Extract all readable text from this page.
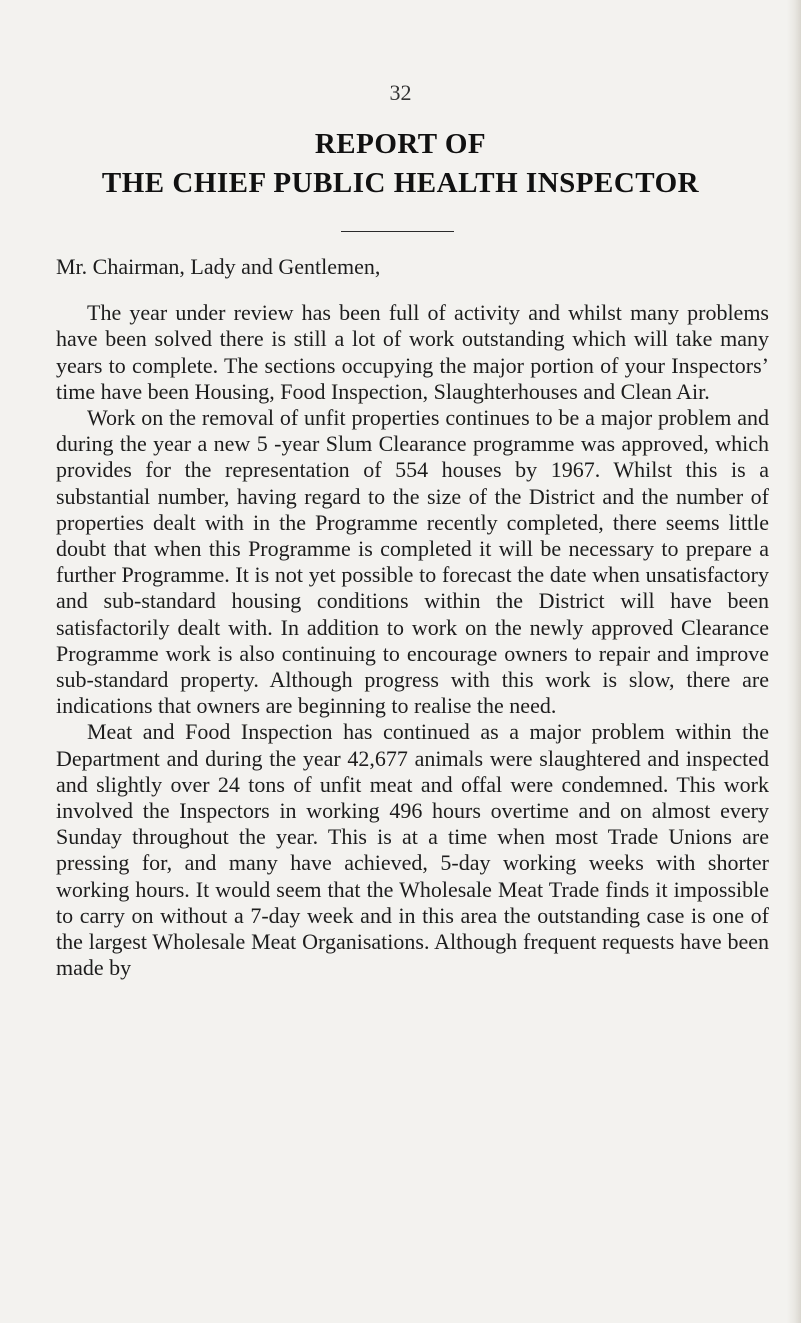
32
REPORT OF
THE CHIEF PUBLIC HEALTH INSPECTOR

Mr. Chairman, Lady and Gentlemen,

The year under review has been full of activity and whilst many problems have been solved there is still a lot of work outstanding which will take many years to complete. The sections occupying the major portion of your Inspectors’ time have been Housing, Food Inspection, Slaughterhouses and Clean Air.

Work on the removal of unfit properties continues to be a major problem and during the year a new 5 -year Slum Clearance programme was approved, which provides for the representation of 554 houses by 1967. Whilst this is a substantial number, having regard to the size of the District and the number of properties dealt with in the Programme recently completed, there seems little doubt that when this Programme is completed it will be necessary to prepare a further Programme. It is not yet possible to forecast the date when unsatisfactory and sub-standard housing conditions within the District will have been satisfactorily dealt with. In addition to work on the newly approved Clearance Programme work is also continuing to encourage owners to repair and improve sub-standard property. Although progress with this work is slow, there are indications that owners are beginning to realise the need.

Meat and Food Inspection has continued as a major problem within the Department and during the year 42,677 animals were slaughtered and inspected and slightly over 24 tons of unfit meat and offal were condemned. This work involved the Inspectors in working 496 hours overtime and on almost every Sunday throughout the year. This is at a time when most Trade Unions are pressing for, and many have achieved, 5-day working weeks with shorter working hours. It would seem that the Wholesale Meat Trade finds it impossible to carry on without a 7-day week and in this area the outstanding case is one of the largest Wholesale Meat Organisations. Although frequent requests have been made by
